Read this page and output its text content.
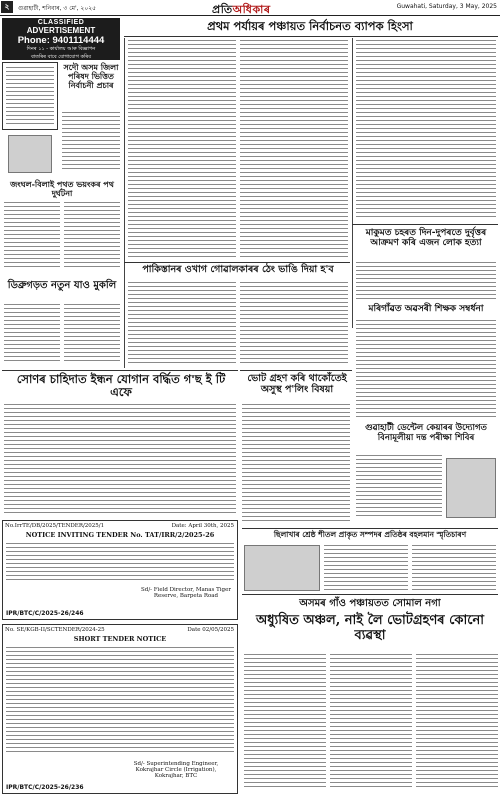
২	গুৱাহাটী, শনিবাৰ, ৩ মে', ২০২৫	প্ৰতিঅধিকাৰ	Guwahati, Saturday, 3 May, 2025
CLASSIFIED
ADVERTISEMENT
Phone: 9401114444
দিনৰ ১১ - কাৰ্যালয় আৰু বিজ্ঞাপন
বাতৰিৰ বাবে যোগাযোগ কৰিব
প্ৰথম পৰ্যায়ৰ পঞ্চায়ত নিৰ্বাচনত ব্যাপক হিংসা
সদৌ অসম জিলা পৰিষদ ভিত্তিত নিৰ্বাচনী প্ৰচাৰ
জংঘল-বিলাই পথত ভয়ংকৰ পথ দুৰ্ঘটনা
ডিব্ৰুগড়ত নতুন যাও মুকলি
সোণৰ চাহিদাত ইন্ধন যোগান বৰ্দ্ধিত গ'ছ ই টি এফে
পাকিস্তানৰ ওখাগ গোৱালকাৰৰ ঠেং ভাঙি দিয়া হ'ব
মাকুমত চহৰত দিন-দুপৰতে দুৰ্বৃত্তৰ আক্ৰমণ কৰি এজন লোক হত্যা
মৰিগাঁৱত অৱসৰী শিক্ষক সম্বৰ্ধনা
ভোট গ্ৰহণ কৰি থাকোঁতেই অসুস্থ প'লিং বিষয়া
গুৱাহাটী ডেন্টেল কেয়াৰৰ উদ্যোগত বিনামূলীয়া দন্ত পৰীক্ষা শিবিৰ
No.IrrTE/DB/2025/TENDER/2025/1	Date: April 30th, 2025
NOTICE INVITING TENDER No. TAT/IRR/2/2025-26
Sd/- Field Director, Manas Tiger Reserve, Barpeta Road
IPR/BTC/C/2025-26/246
No. SE/KGB-II/SCTENDER/2024-25	Date 02/05/2025
SHORT TENDER NOTICE
Sd/- Superintending Engineer, Kokrajhar Circle (Irrigation), Kokrajhar, BTC
IPR/BTC/C/2025-26/236
ছিলাখাৰ শ্ৰেষ্ঠ শীতল প্ৰাকৃত সম্পদৰ প্ৰতিষ্ঠৰ বহলমান স্মৃতিচাৰণ
অসমৰ গাঁও পঞ্চায়তত সোমাল নগা
অধ্যুষিত অঞ্চল, নাই লৈ ভোটগ্ৰহণৰ কোনো ব্যৱস্থা
